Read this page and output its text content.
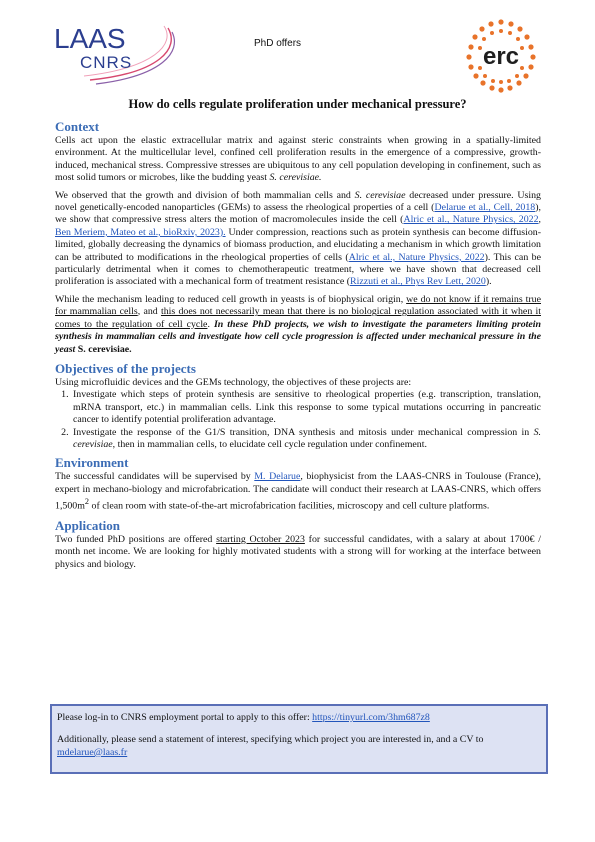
LAAS
CNRS
PhD offers	erc
How do cells regulate proliferation under mechanical pressure?
Context

Cells act upon the elastic extracellular matrix and against steric constraints when growing in a spatially-limited environment. At the multicellular level, confined cell proliferation results in the emergence of a compressive, growth-induced, mechanical stress. Compressive stresses are ubiquitous to any cell population developing in confinement, such as most solid tumors or microbes, like the budding yeast S. cerevisiae.

We observed that the growth and division of both mammalian cells and S. cerevisiae decreased under pressure. Using novel genetically-encoded nanoparticles (GEMs) to assess the rheological properties of a cell (Delarue et al., Cell, 2018), we show that compressive stress alters the motion of macromolecules inside the cell (Alric et al., Nature Physics, 2022, Ben Meriem, Mateo et al., bioRxiv, 2023). Under compression, reactions such as protein synthesis can become diffusion-limited, globally decreasing the dynamics of biomass production, and elucidating a mechanism in which growth limitation can be attributed to modifications in the rheological properties of cells (Alric et al., Nature Physics, 2022). This can be particularly detrimental when it comes to chemotherapeutic treatment, where we have shown that decreased cell proliferation is associated with a mechanical form of treatment resistance (Rizzuti et al., Phys Rev Lett, 2020).

While the mechanism leading to reduced cell growth in yeasts is of biophysical origin, we do not know if it remains true for mammalian cells, and this does not necessarily mean that there is no biological regulation associated with it when it comes to the regulation of cell cycle. In these PhD projects, we wish to investigate the parameters limiting protein synthesis in mammalian cells and investigate how cell cycle progression is affected under mechanical pressure in the yeast S. cerevisiae.

Objectives of the projects

Using microfluidic devices and the GEMs technology, the objectives of these projects are:

1. Investigate which steps of protein synthesis are sensitive to rheological properties (e.g. transcription, translation, mRNA transport, etc.) in mammalian cells. Link this response to some typical mutations occurring in pancreatic cancer to identify potential proliferation advantage.
2. Investigate the response of the G1/S transition, DNA synthesis and mitosis under mechanical compression in S. cerevisiae, then in mammalian cells, to elucidate cell cycle regulation under confinement.
Environment

The successful candidates will be supervised by M. Delarue, biophysicist from the LAAS-CNRS in Toulouse (France), expert in mechano-biology and microfabrication. The candidate will conduct their research at LAAS-CNRS, which offers $1,500m^2$ of clean room with state-of-the-art microfabrication facilities, microscopy and cell culture platforms.

Application

Two funded PhD positions are offered starting October 2023 for successful candidates, with a salary at about 1700€ / month net income. We are looking for highly motivated students with a strong will for working at the interface between physics and biology.

Please log-in to CNRS employment portal to apply to this offer: https://tinyurl.com/3hm687z8

Additionally, please send a statement of interest, specifying which project you are interested in, and a CV to mdelarue@laas.fr
